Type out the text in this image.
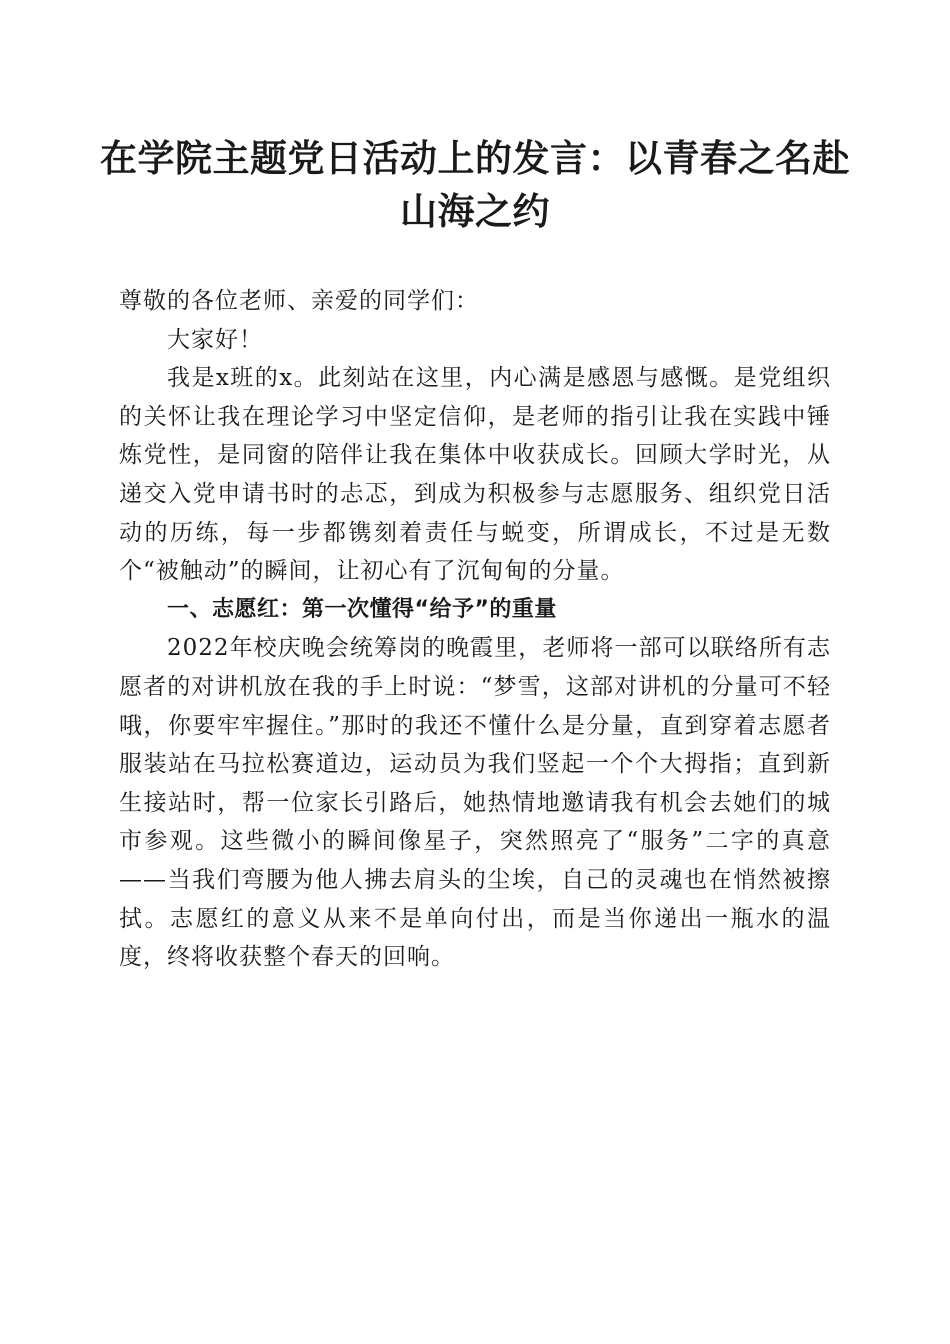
在学院主题党日活动上的发言：以青春之名赴山海之约

尊敬的各位老师、亲爱的同学们：

大家好！

我是x班的x。此刻站在这里，内心满是感恩与感慨。是党组织的关怀让我在理论学习中坚定信仰，是老师的指引让我在实践中锤炼党性，是同窗的陪伴让我在集体中收获成长。回顾大学时光，从递交入党申请书时的忐忑，到成为积极参与志愿服务、组织党日活动的历练，每一步都镌刻着责任与蜕变，所谓成长，不过是无数个“被触动”的瞬间，让初心有了沉甸甸的分量。

一、志愿红：第一次懂得“给予”的重量

2022年校庆晚会统筹岗的晚霞里，老师将一部可以联络所有志愿者的对讲机放在我的手上时说：“梦雪，这部对讲机的分量可不轻哦，你要牢牢握住。”那时的我还不懂什么是分量，直到穿着志愿者服装站在马拉松赛道边，运动员为我们竖起一个个大拇指；直到新生接站时，帮一位家长引路后，她热情地邀请我有机会去她们的城市参观。这些微小的瞬间像星子，突然照亮了“服务”二字的真意——当我们弯腰为他人拂去肩头的尘埃，自己的灵魂也在悄然被擦拭。志愿红的意义从来不是单向付出，而是当你递出一瓶水的温度，终将收获整个春天的回响。
